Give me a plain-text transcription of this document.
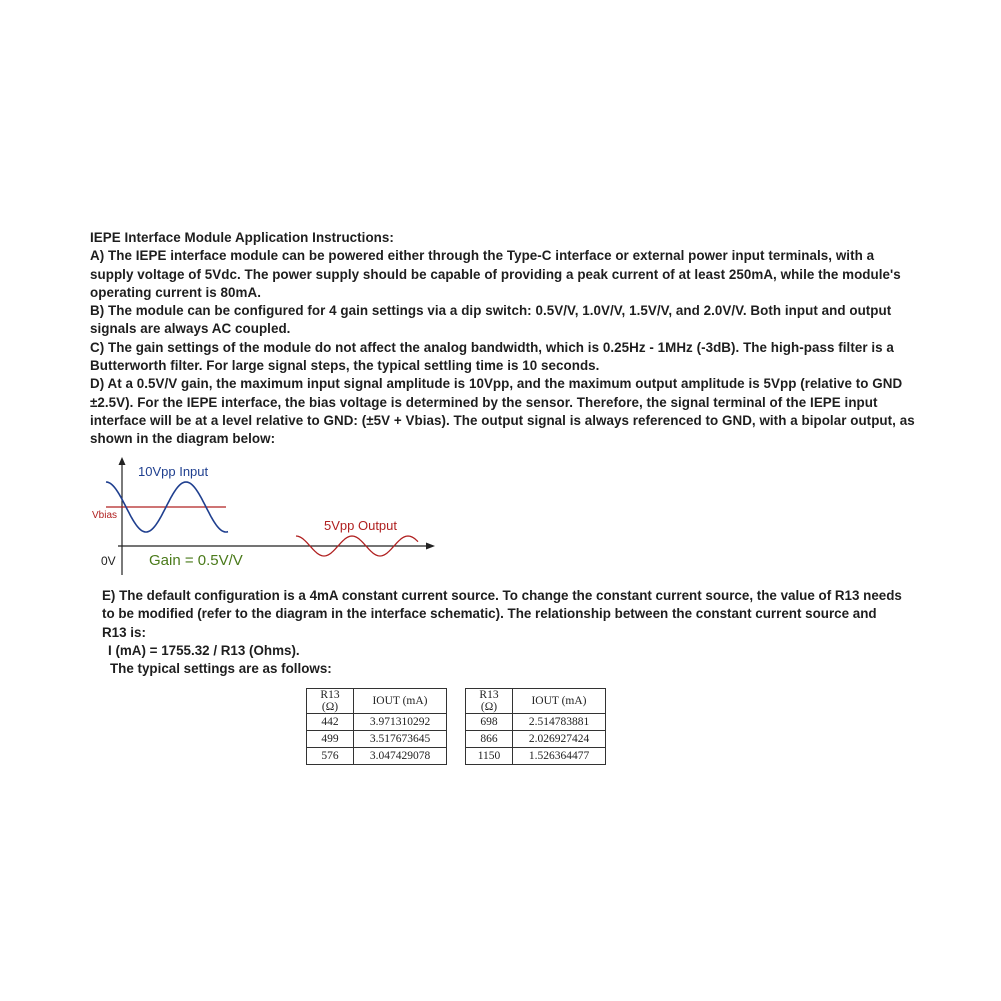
IEPE Interface Module Application Instructions:

A) The IEPE interface module can be powered either through the Type-C interface or external power input terminals, with a supply voltage of 5Vdc. The power supply should be capable of providing a peak current of at least 250mA, while the module's operating current is 80mA.

B) The module can be configured for 4 gain settings via a dip switch: 0.5V/V, 1.0V/V, 1.5V/V, and 2.0V/V. Both input and output signals are always AC coupled.

C) The gain settings of the module do not affect the analog bandwidth, which is 0.25Hz - 1MHz (-3dB). The high-pass filter is a Butterworth filter. For large signal steps, the typical settling time is 10 seconds.

D) At a 0.5V/V gain, the maximum input signal amplitude is 10Vpp, and the maximum output amplitude is 5Vpp (relative to GND ±2.5V). For the IEPE interface, the bias voltage is determined by the sensor. Therefore, the signal terminal of the IEPE input interface will be at a level relative to GND: (±5V + Vbias). The output signal is always referenced to GND, with a bipolar output, as shown in the diagram below:

10Vpp Input
5Vpp Output
Vbias
0V Gain = 0.5V/V

E) The default configuration is a 4mA constant current source. To change the constant current source, the value of R13 needs to be modified (refer to the diagram in the interface schematic). The relationship between the constant current source and R13 is:

I (mA) = 1755.32 / R13 (Ohms).

The typical settings are as follows:

R13 (Ω)	IOUT (mA)
442	3.971310292
499	3.517673645
576	3.047429078
R13 (Ω)	IOUT (mA)
698	2.514783881
866	2.026927424
1150	1.526364477
